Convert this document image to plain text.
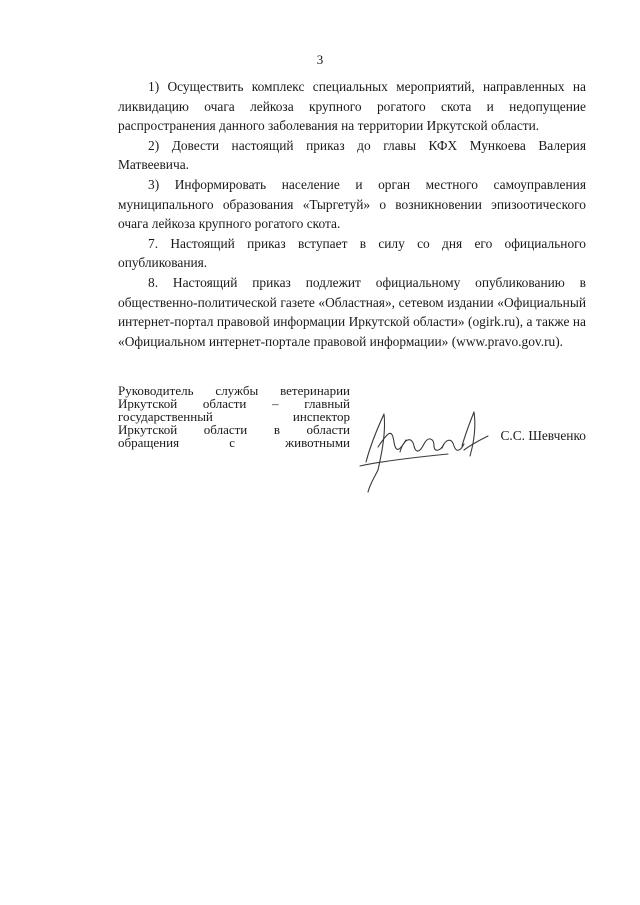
3

1) Осуществить комплекс специальных мероприятий, направленных на ликвидацию очага лейкоза крупного рогатого скота и недопущение распространения данного заболевания на территории Иркутской области.

2) Довести настоящий приказ до главы КФХ Мункоева Валерия Матвеевича.

3) Информировать население и орган местного самоуправления муниципального образования «Тыргетуй» о возникновении эпизоотического очага лейкоза крупного рогатого скота.

7. Настоящий приказ вступает в силу со дня его официального опубликования.

8. Настоящий приказ подлежит официальному опубликованию в общественно-политической газете «Областная», сетевом издании «Официальный интернет-портал правовой информации Иркутской области» (ogirk.ru), а также на «Официальном интернет-портале правовой информации» (www.pravo.gov.ru).

Руководитель службы ветеринарии
Иркутской области – главный
государственный инспектор
Иркутской области в области
обращения с животными	С.С. Шевченко
